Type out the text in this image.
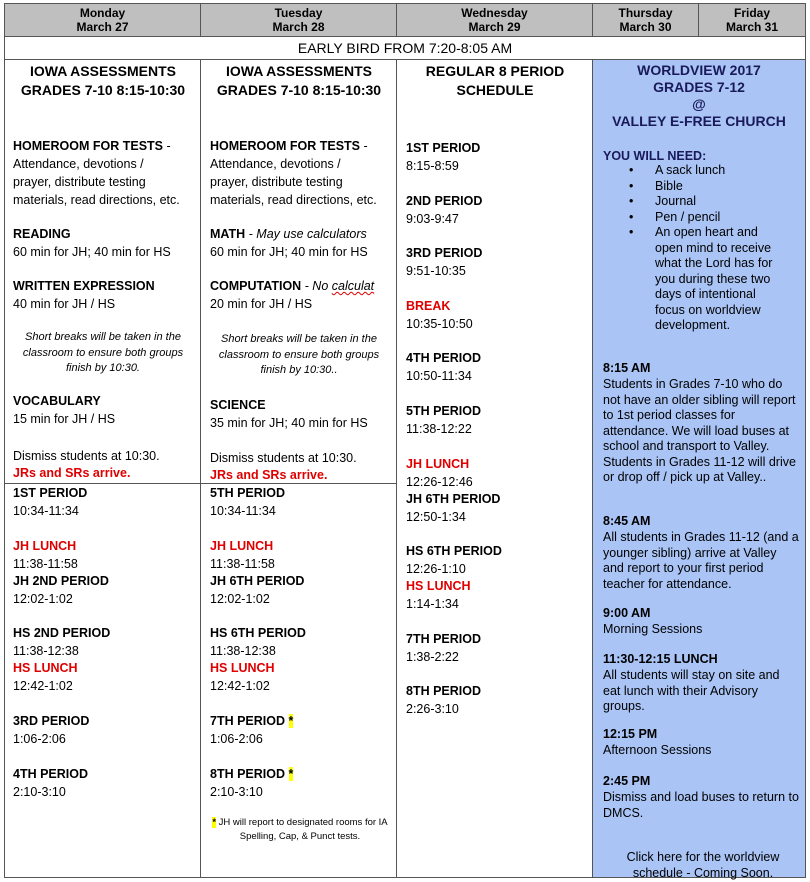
Monday
March 27
Tuesday
March 28
Wednesday
March 29
Thursday
March 30
Friday
March 31
EARLY BIRD FROM 7:20-8:05 AM
IOWA ASSESSMENTS GRADES 7-10 8:15-10:30
HOMEROOM FOR TESTS -
Attendance, devotions /
prayer, distribute testing
materials, read directions, etc.
READING
60 min for JH; 40 min for HS
WRITTEN EXPRESSION
40 min for JH / HS
Short breaks will be taken in the classroom to ensure both groups finish by 10:30.
VOCABULARY
15 min for JH / HS
Dismiss students at 10:30.
JRs and SRs arrive.
1ST PERIOD
10:34-11:34
JH LUNCH
11:38-11:58
JH 2ND PERIOD
12:02-1:02
HS 2ND PERIOD
11:38-12:38
HS LUNCH
12:42-1:02
3RD PERIOD
1:06-2:06
4TH PERIOD
2:10-3:10
IOWA ASSESSMENTS GRADES 7-10 8:15-10:30
HOMEROOM FOR TESTS -
Attendance, devotions /
prayer, distribute testing
materials, read directions, etc.
MATH - May use calculators
60 min for JH; 40 min for HS
COMPUTATION - No calculat
20 min for JH / HS
Short breaks will be taken in the classroom to ensure both groups finish by 10:30..
SCIENCE
35 min for JH; 40 min for HS
Dismiss students at 10:30.
JRs and SRs arrive.
5TH PERIOD
10:34-11:34
JH LUNCH
11:38-11:58
JH 6TH PERIOD
12:02-1:02
HS 6TH PERIOD
11:38-12:38
HS LUNCH
12:42-1:02
7TH PERIOD *
1:06-2:06
8TH PERIOD *
2:10-3:10
* JH will report to designated rooms for IA Spelling, Cap, & Punct tests.
REGULAR 8 PERIOD SCHEDULE
1ST PERIOD
8:15-8:59
2ND PERIOD
9:03-9:47
3RD PERIOD
9:51-10:35
BREAK
10:35-10:50
4TH PERIOD
10:50-11:34
5TH PERIOD
11:38-12:22
JH LUNCH
12:26-12:46
JH 6TH PERIOD
12:50-1:34
HS 6TH PERIOD
12:26-1:10
HS LUNCH
1:14-1:34
7TH PERIOD
1:38-2:22
8TH PERIOD
2:26-3:10
WORLDVIEW 2017
GRADES 7-12
@
VALLEY E-FREE CHURCH
YOU WILL NEED:
• A sack lunch
• Bible
• Journal
• Pen / pencil
• An open heart and open mind to receive what the Lord has for you during these two days of intentional focus on worldview development.
8:15 AM
Students in Grades 7-10 who do not have an older sibling will report to 1st period classes for attendance. We will load buses at school and transport to Valley. Students in Grades 11-12 will drive or drop off / pick up at Valley..
8:45 AM
All students in Grades 11-12 (and a younger sibling) arrive at Valley and report to your first period teacher for attendance.
9:00 AM
Morning Sessions
11:30-12:15 LUNCH
All students will stay on site and eat lunch with their Advisory groups.
12:15 PM
Afternoon Sessions
2:45 PM
Dismiss and load buses to return to DMCS.
Click here for the worldview schedule - Coming Soon.
